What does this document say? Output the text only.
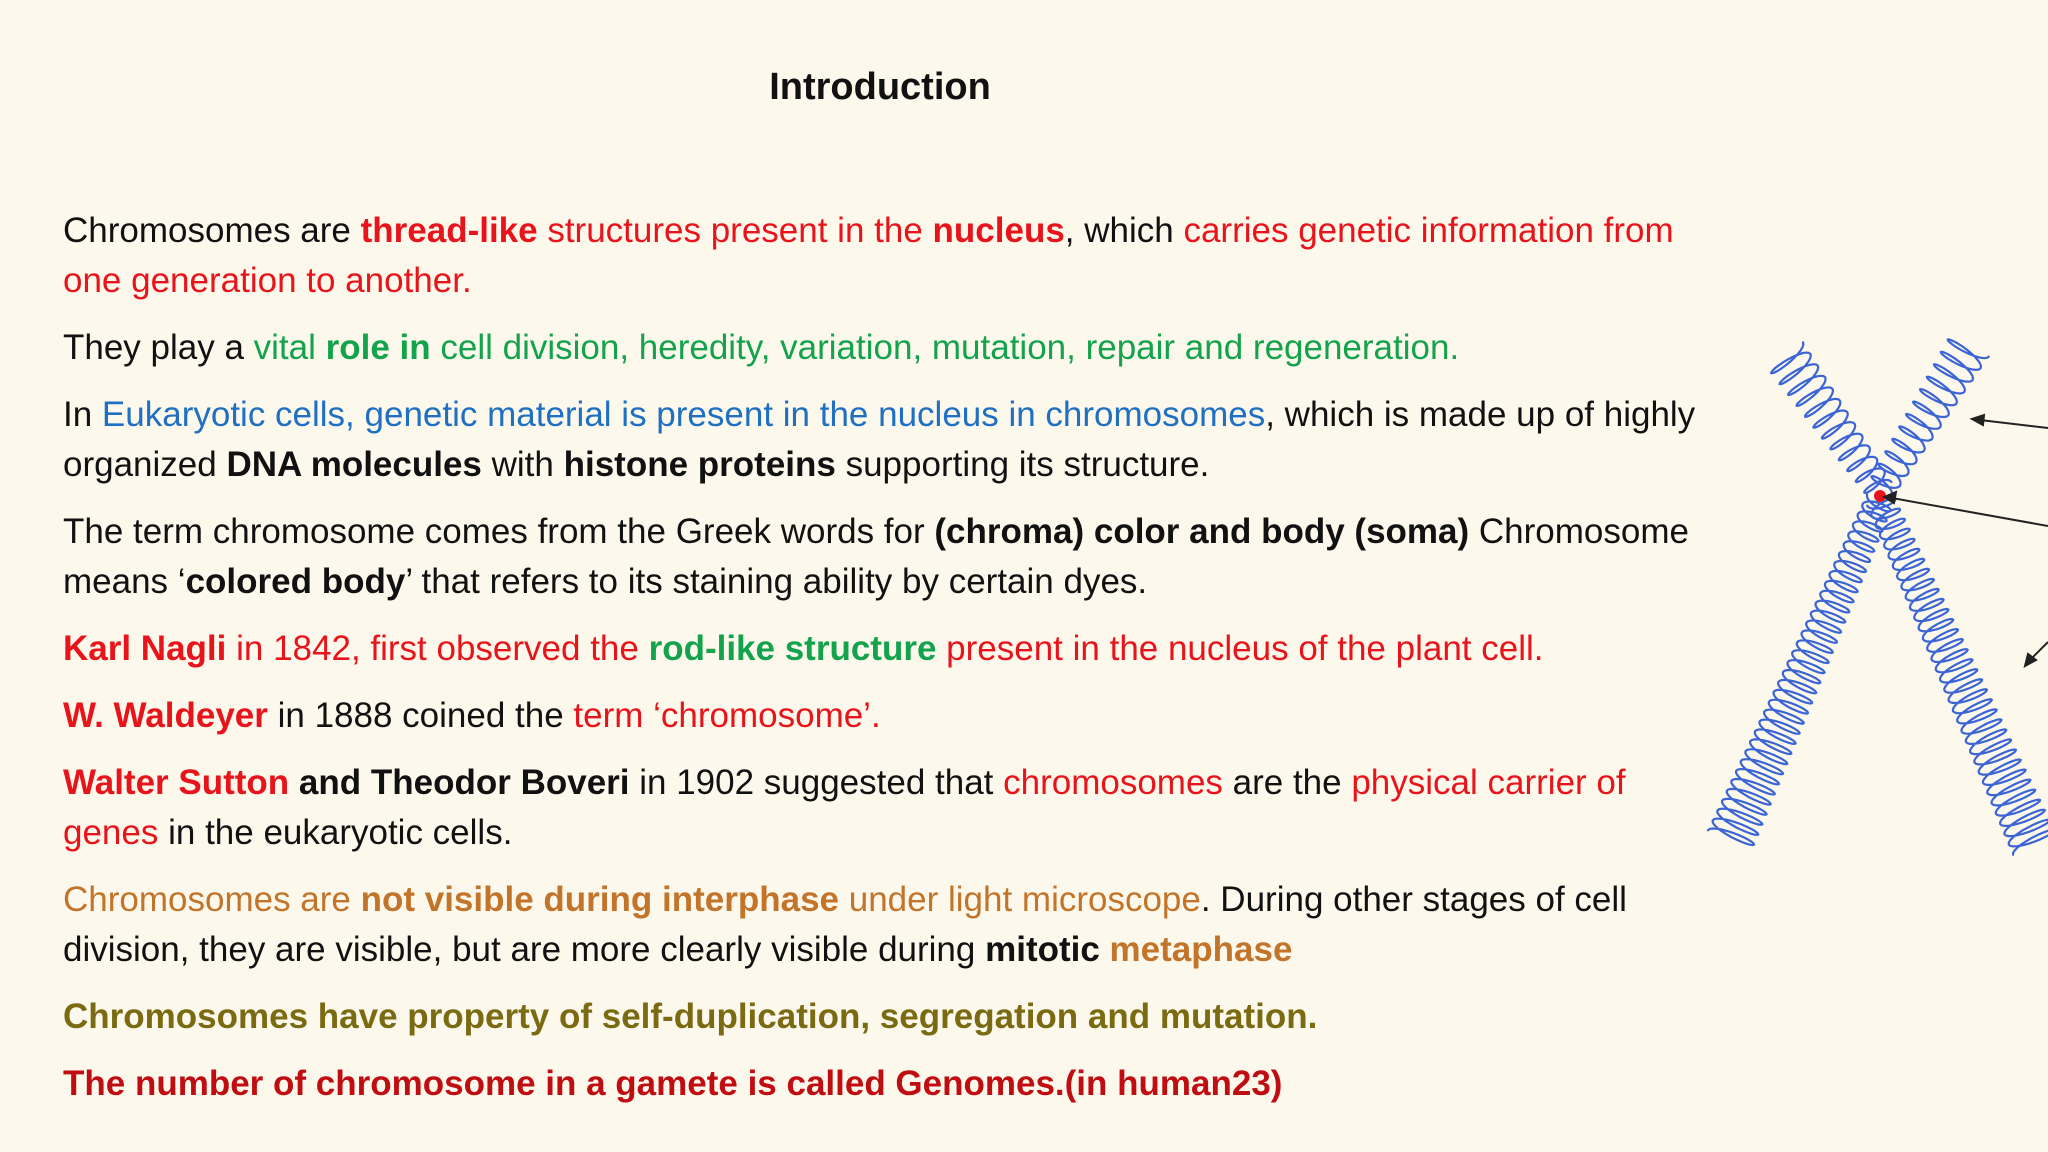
Introduction

Chromosomes are thread-like structures present in the nucleus, which carries genetic information from one generation to another.

They play a vital role in cell division, heredity, variation, mutation, repair and regeneration.

In Eukaryotic cells, genetic material is present in the nucleus in chromosomes, which is made up of highly organized DNA molecules with histone proteins supporting its structure.

The term chromosome comes from the Greek words for (chroma) color and body (soma) Chromosome means ‘colored body’ that refers to its staining ability by certain dyes.

Karl Nagli in 1842, first observed the rod-like structure present in the nucleus of the plant cell.

W. Waldeyer in 1888 coined the term ‘chromosome’.

Walter Sutton and Theodor Boveri in 1902 suggested that chromosomes are the physical carrier of genes in the eukaryotic cells.

Chromosomes are not visible during interphase under light microscope. During other stages of cell division, they are visible, but are more clearly visible during mitotic metaphase

Chromosomes have property of self-duplication, segregation and mutation.

The number of chromosome in a gamete is called Genomes.(in human23)
